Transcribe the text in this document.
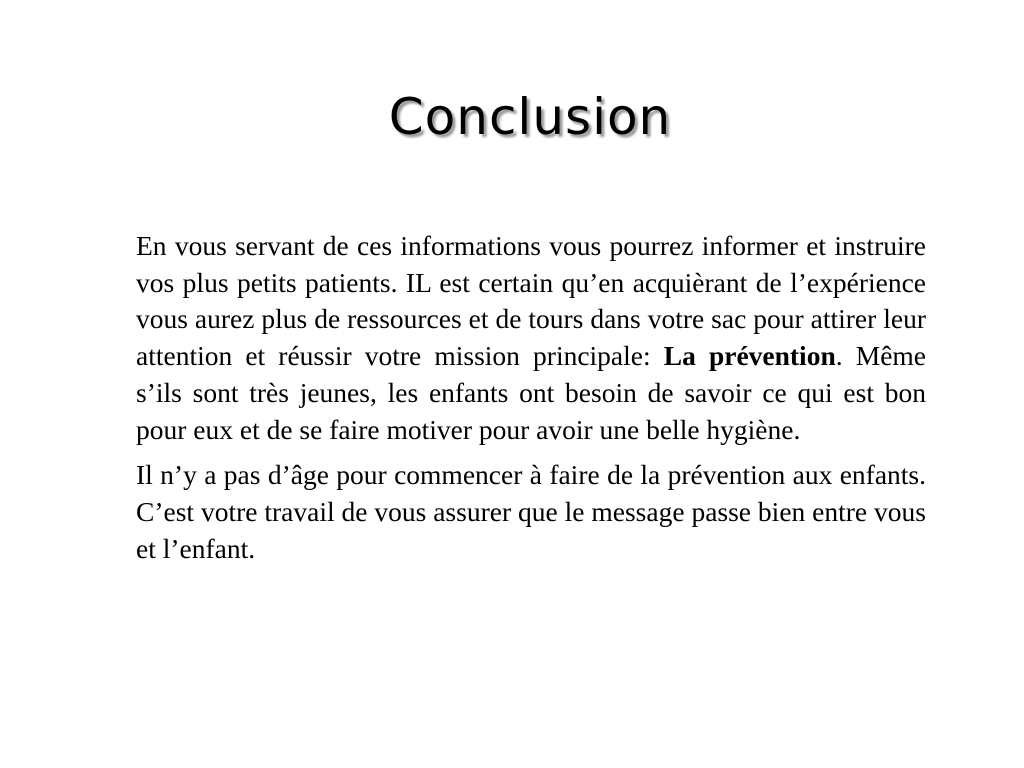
Conclusion

En vous servant de ces informations vous pourrez informer et instruire vos plus petits patients. IL est certain qu’en acquièrant de l’expérience vous aurez plus de ressources et de tours dans votre sac pour attirer leur attention et réussir votre mission principale: La prévention. Même s’ils sont très jeunes, les enfants ont besoin de savoir ce qui est bon pour eux et de se faire motiver pour avoir une belle hygiène.

Il n’y a pas d’âge pour commencer à faire de la prévention aux enfants. C’est votre travail de vous assurer que le message passe bien entre vous et l’enfant.
